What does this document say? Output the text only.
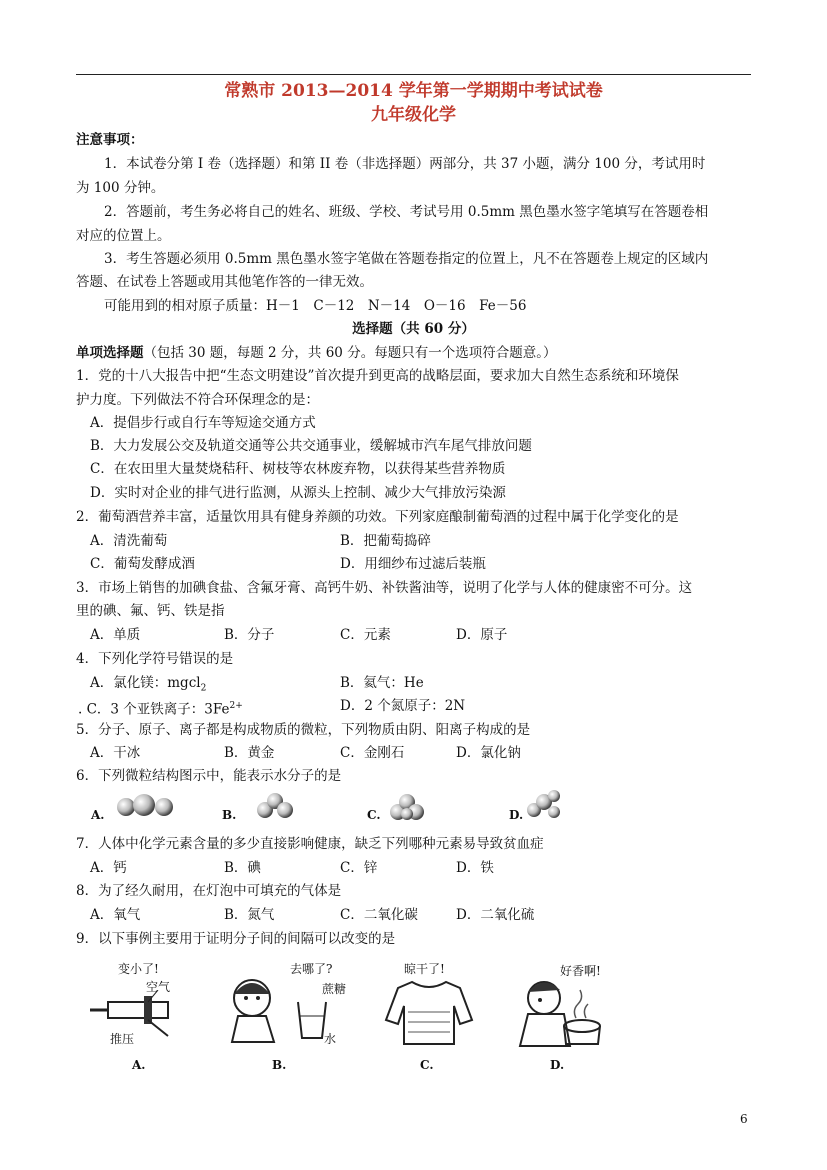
常熟市 2013—2014 学年第一学期期中考试试卷
九年级化学
注意事项：
1．本试卷分第 I 卷（选择题）和第 II 卷（非选择题）两部分，共 37 小题，满分 100 分，考试用时
为 100 分钟。
2．答题前，考生务必将自己的姓名、班级、学校、考试号用 0.5mm 黑色墨水签字笔填写在答题卷相
对应的位置上。
3．考生答题必须用 0.5mm 黑色墨水签字笔做在答题卷指定的位置上，凡不在答题卷上规定的区域内
答题、在试卷上答题或用其他笔作答的一律无效。
可能用到的相对原子质量：H－1　C－12　N－14　O－16　Fe－56
选择题（共 60 分）
单项选择题（包括 30 题，每题 2 分，共 60 分。每题只有一个选项符合题意。）
1．党的十八大报告中把“生态文明建设”首次提升到更高的战略层面，要求加大自然生态系统和环境保
护力度。下列做法不符合环保理念的是：
A．提倡步行或自行车等短途交通方式
B．大力发展公交及轨道交通等公共交通事业，缓解城市汽车尾气排放问题
C．在农田里大量焚烧秸秆、树枝等农林废弃物，以获得某些营养物质
D．实时对企业的排气进行监测，从源头上控制、减少大气排放污染源
2．葡萄酒营养丰富，适量饮用具有健身养颜的功效。下列家庭酿制葡萄酒的过程中属于化学变化的是
A．清洗葡萄	B．把葡萄捣碎
C．葡萄发酵成酒	D．用细纱布过滤后装瓶
3．市场上销售的加碘食盐、含氟牙膏、高钙牛奶、补铁酱油等，说明了化学与人体的健康密不可分。这
里的碘、氟、钙、铁是指
A．单质	B．分子	C．元素	D．原子
4．下列化学符号错误的是
A．氯化镁：mgcl$_2$	B．氦气：He
. C．3 个亚铁离子：$3Fe^{2+}$	D．2 个氮原子：2N
5．分子、原子、离子都是构成物质的微粒，下列物质由阴、阳离子构成的是
A．干冰	B．黄金	C．金刚石	D．氯化钠
6．下列微粒结构图示中，能表示水分子的是
A.	B.	C.	D.
7．人体中化学元素含量的多少直接影响健康，缺乏下列哪种元素易导致贫血症
A．钙	B．碘	C．锌	D．铁
8．为了经久耐用，在灯泡中可填充的气体是
A．氧气	B．氮气	C．二氧化碳	D．二氧化硫
9．以下事例主要用于证明分子间的间隔可以改变的是
变小了!
空气
推压
A.
去哪了?
蔗糖
水
B.
晾干了!
C.
好香啊!
D.
6
